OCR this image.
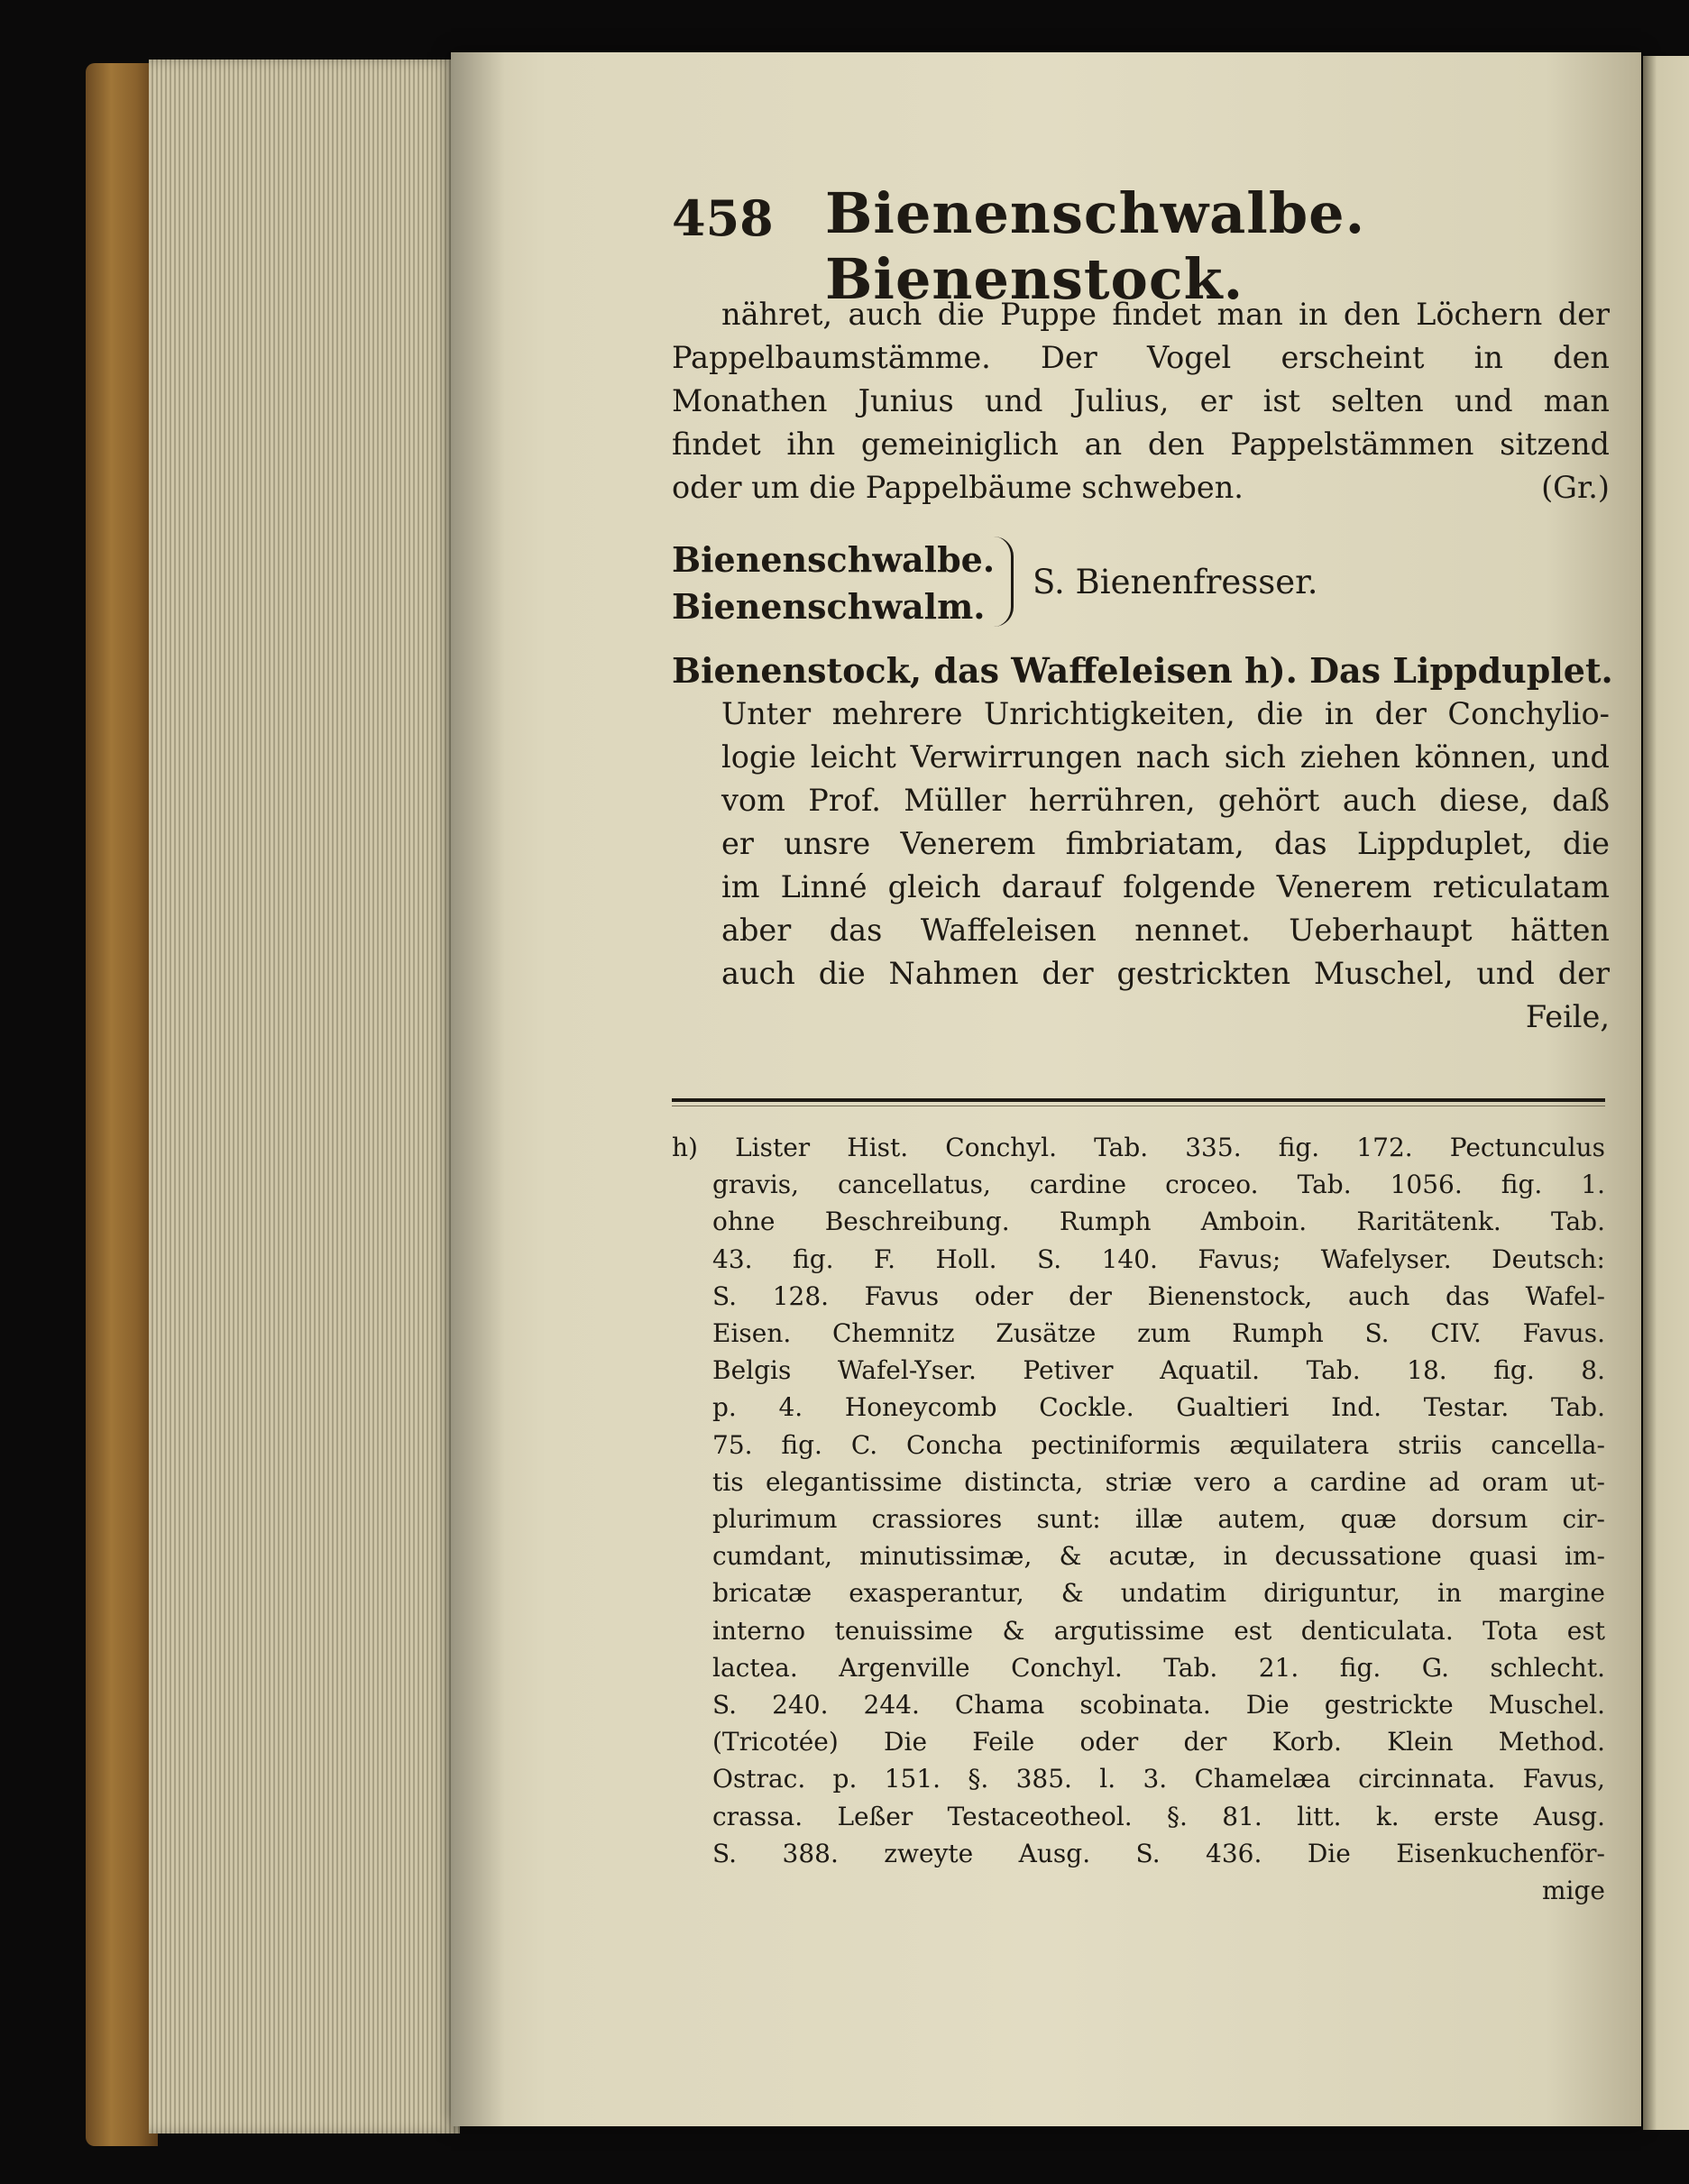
458 Bienenschwalbe. Bienenstock.
nähret, auch die Puppe findet man in den Löchern der
Pappelbaumstämme. Der Vogel erscheint in den
Monathen Junius und Julius, er ist selten und man
findet ihn gemeiniglich an den Pappelstämmen sitzend
oder um die Pappelbäume schweben.	(Gr.)
Bienenschwalbe.
Bienenschwalm.
S. Bienenfresser.
Bienenstock, das Waffeleisen h). Das Lippduplet.
Unter mehrere Unrichtigkeiten, die in der Conchylio-
logie leicht Verwirrungen nach sich ziehen können, und
vom Prof. Müller herrühren, gehört auch diese, daß
er unsre Venerem fimbriatam, das Lippduplet, die
im Linné gleich darauf folgende Venerem reticulatam
aber das Waffeleisen nennet. Ueberhaupt hätten
auch die Nahmen der gestrickten Muschel, und der
Feile,
h) Lister Hist. Conchyl. Tab. 335. fig. 172. Pectunculus
gravis, cancellatus, cardine croceo. Tab. 1056. fig. 1.
ohne Beschreibung. Rumph Amboin. Raritätenk. Tab.
43. fig. F. Holl. S. 140. Favus; Wafelyser. Deutsch:
S. 128. Favus oder der Bienenstock, auch das Wafel-
Eisen. Chemnitz Zusätze zum Rumph S. CIV. Favus.
Belgis Wafel-Yser. Petiver Aquatil. Tab. 18. fig. 8.
p. 4. Honeycomb Cockle. Gualtieri Ind. Testar. Tab.
75. fig. C. Concha pectiniformis æquilatera striis cancella-
tis elegantissime distincta, striæ vero a cardine ad oram ut-
plurimum crassiores sunt: illæ autem, quæ dorsum cir-
cumdant, minutissimæ, & acutæ, in decussatione quasi im-
bricatæ exasperantur, & undatim diriguntur, in margine
interno tenuissime & argutissime est denticulata. Tota est
lactea. Argenville Conchyl. Tab. 21. fig. G. schlecht.
S. 240. 244. Chama scobinata. Die gestrickte Muschel.
(Tricotée) Die Feile oder der Korb. Klein Method.
Ostrac. p. 151. §. 385. l. 3. Chamelæa circinnata. Favus,
crassa. Leßer Testaceotheol. §. 81. litt. k. erste Ausg.
S. 388. zweyte Ausg. S. 436. Die Eisenkuchenför-
mige
